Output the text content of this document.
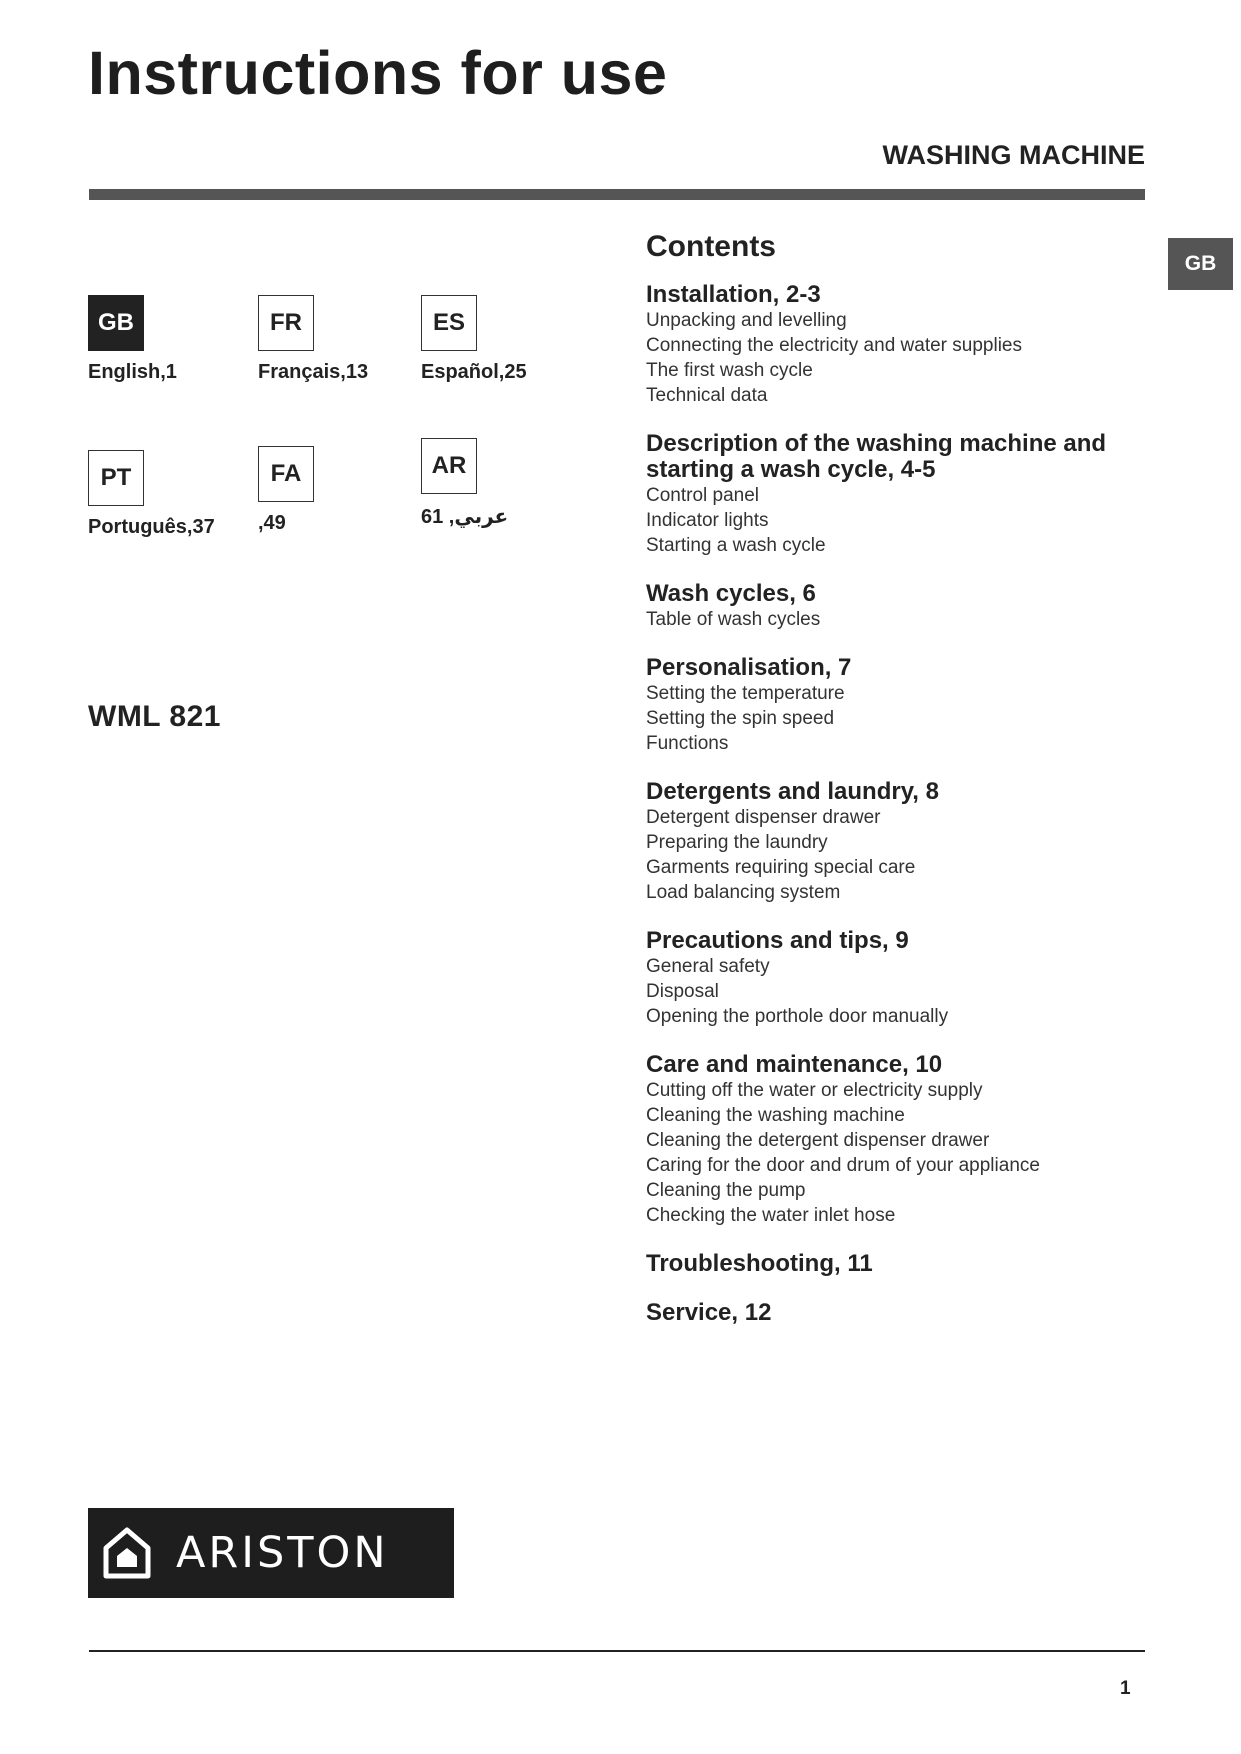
Instructions for use
WASHING MACHINE
GB
GB
English,1
FR
Français,13
ES
Español,25
PT
Português,37
FA
,49
AR
عربي, 61
WML 821
Contents
Installation, 2-3
Unpacking and levelling
Connecting the electricity and water supplies
The first wash cycle
Technical data
Description of the washing machine and starting a wash cycle, 4-5
Control panel
Indicator lights
Starting a wash cycle
Wash cycles, 6
Table of wash cycles
Personalisation, 7
Setting the temperature
Setting the spin speed
Functions
Detergents and laundry, 8
Detergent dispenser drawer
Preparing the laundry
Garments requiring special care
Load balancing system
Precautions and tips, 9
General safety
Disposal
Opening the porthole door manually
Care and maintenance, 10
Cutting off the water or electricity supply
Cleaning the washing machine
Cleaning the detergent dispenser drawer
Caring for the door and drum of your appliance
Cleaning the pump
Checking the water inlet hose
Troubleshooting, 11
Service, 12
ARISTON
1
